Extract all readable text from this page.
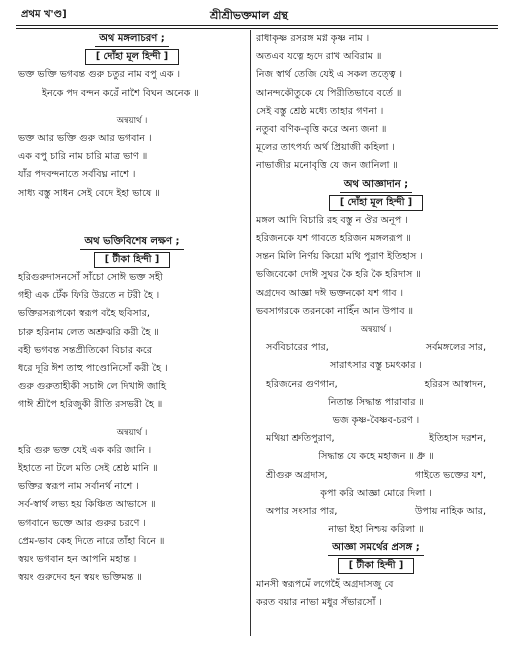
প্রথম খ'ণ্ড]	শ্রীশ্রীভক্তমাল গ্রন্থ
অথ মঙ্গলাচরণ ;
[ দোঁহা মূল হিন্দী ]
ভক্ত ভক্তি ভগবন্ত গুরু চতুর নাম বপু এক ।
ইনকে পদ বন্দন করেঁ নাশৈ বিঘন অনেক ॥
অন্বয়ার্থ ।
ভক্ত আর ভক্তি গুরু আর ভগবান ।
এক বপু চারি নাম চারি মাত্র ভাণ ॥
যাঁর পদবন্দনাতে সর্ববিঘ্ন নাশে ।
সাধ্য বস্তু সাধন সেই বেদে ইহা ভাষে ॥
অথ ভক্তিবিশেষ লক্ষণ ;
[ টীকা হিন্দী ]
হরিগুরুদাসনসোঁ সাঁচো সোঈ ভক্ত সহী
গহী এক টেঁক ফিরি উরতে ন টরী হৈ ।
ভক্তিরসরূপকো স্বরূপ বহৈ ছবিসার,
চারু হরিনাম লেত অশ্রুঝরি করী হৈ ॥
বহী ভগবন্ত সন্তপ্রীতিকো বিচার করে
ধরে দূরি ঈশ তাহু পাণ্ডোনিসোঁ করী হৈ ।
গুরু গুরুতাহীকী সচাঈ লে দিখাঈ জাহি
গাঈ শ্রীপৈ হরিজুকী রীতি রসভরী হৈ ॥
অন্বয়ার্থ ।
হরি গুরু ভক্ত যেই এক করি জানি ।
ইহাতে না টলে মতি সেই শ্রেষ্ঠ মানি ॥
ভক্তির স্বরূপ নাম সর্বানর্থ নাশে ।
সর্ব-স্বার্থ লভ্য হয় কিঞ্চিত আভাসে ॥
ভগবানে ভক্তে আর গুরুর চরণে ।
প্রেম-ভাব কেহ দিতে নারে তাঁহা বিনে ॥
স্বয়ং ভগবান হন আপনি মহান্ত ।
স্বয়ং গুরুদেব হন স্বয়ং ভক্তিমন্ত ॥
রাধাকৃষ্ণ রসরঙ্গ মগ্ন কৃষ্ণ নাম ।
অতএব যত্নে হৃদে রাখ অবিরাম ॥
নিজ স্বার্থ তেজি যেই এ সকল তত্ত্বে ।
আনন্দকৌতুকে যে পিরীতিভাবে বর্তে ॥
সেই বস্তু শ্রেষ্ঠ মধ্যে তাহার গণনা ।
নতুবা বণিক-বৃত্তি করে অন্য জনা ॥
মূলের তাৎপর্য্য অর্থ প্রিয়াজী কহিলা ।
নাভাজীর মনোবৃত্তি যে জন জানিলা ॥
অথ আজ্ঞাদান ;
[ দোঁহা মূল হিন্দী ]
মঙ্গল আদি বিচারি রহ বস্তু ন ঔর অনূপ ।
হরিজনকে যশ গাবতে হরিজন মঙ্গলরূপ ॥
সন্তন মিলি নির্ণয় কিয়ো মথি পুরাণ ইতিহাস ।
ভজিবেকো দোঈ সুঘর কৈ হরি কৈ হরিদাস ॥
অগ্রদেব আজ্ঞা দঈ ভক্তনকো যশ গাব ।
ভবসাগরকে তরনকো নাহিঁন আন উপাব ॥
অন্বয়ার্থ ।
সর্ববিচারের পার,	সর্বমঙ্গলের সার,
সারাৎসার বস্তু চমৎকার ।
হরিজনের গুণগান,	হরিরস আস্বাদন,
নিতান্ত সিদ্ধান্ত পারাবার ॥
ভজ কৃষ্ণ-বৈষ্ণব-চরণ ।
মথিয়া শ্রুতিপুরাণ,	ইতিহাস দরশন,
সিদ্ধান্ত যে কহে মহাজন ॥ ধ্রু ॥
শ্রীগুরু অগ্রদাস,	গাইতে ভক্তের যশ,
কৃপা করি আজ্ঞা মোরে দিলা ।
অপার সংসার পার,	উপায় নাহিক আর,
নাভা ইহা নিশ্চয় করিলা ॥
আজ্ঞা সমর্থের প্রসঙ্গ ;
[ টীকা হিন্দী ]
মানসী স্বরূপমেঁ লগেহৈঁ অগ্রদাসজু বে
করত বয়ার নাভা মধুর সঁভারসোঁ ।
